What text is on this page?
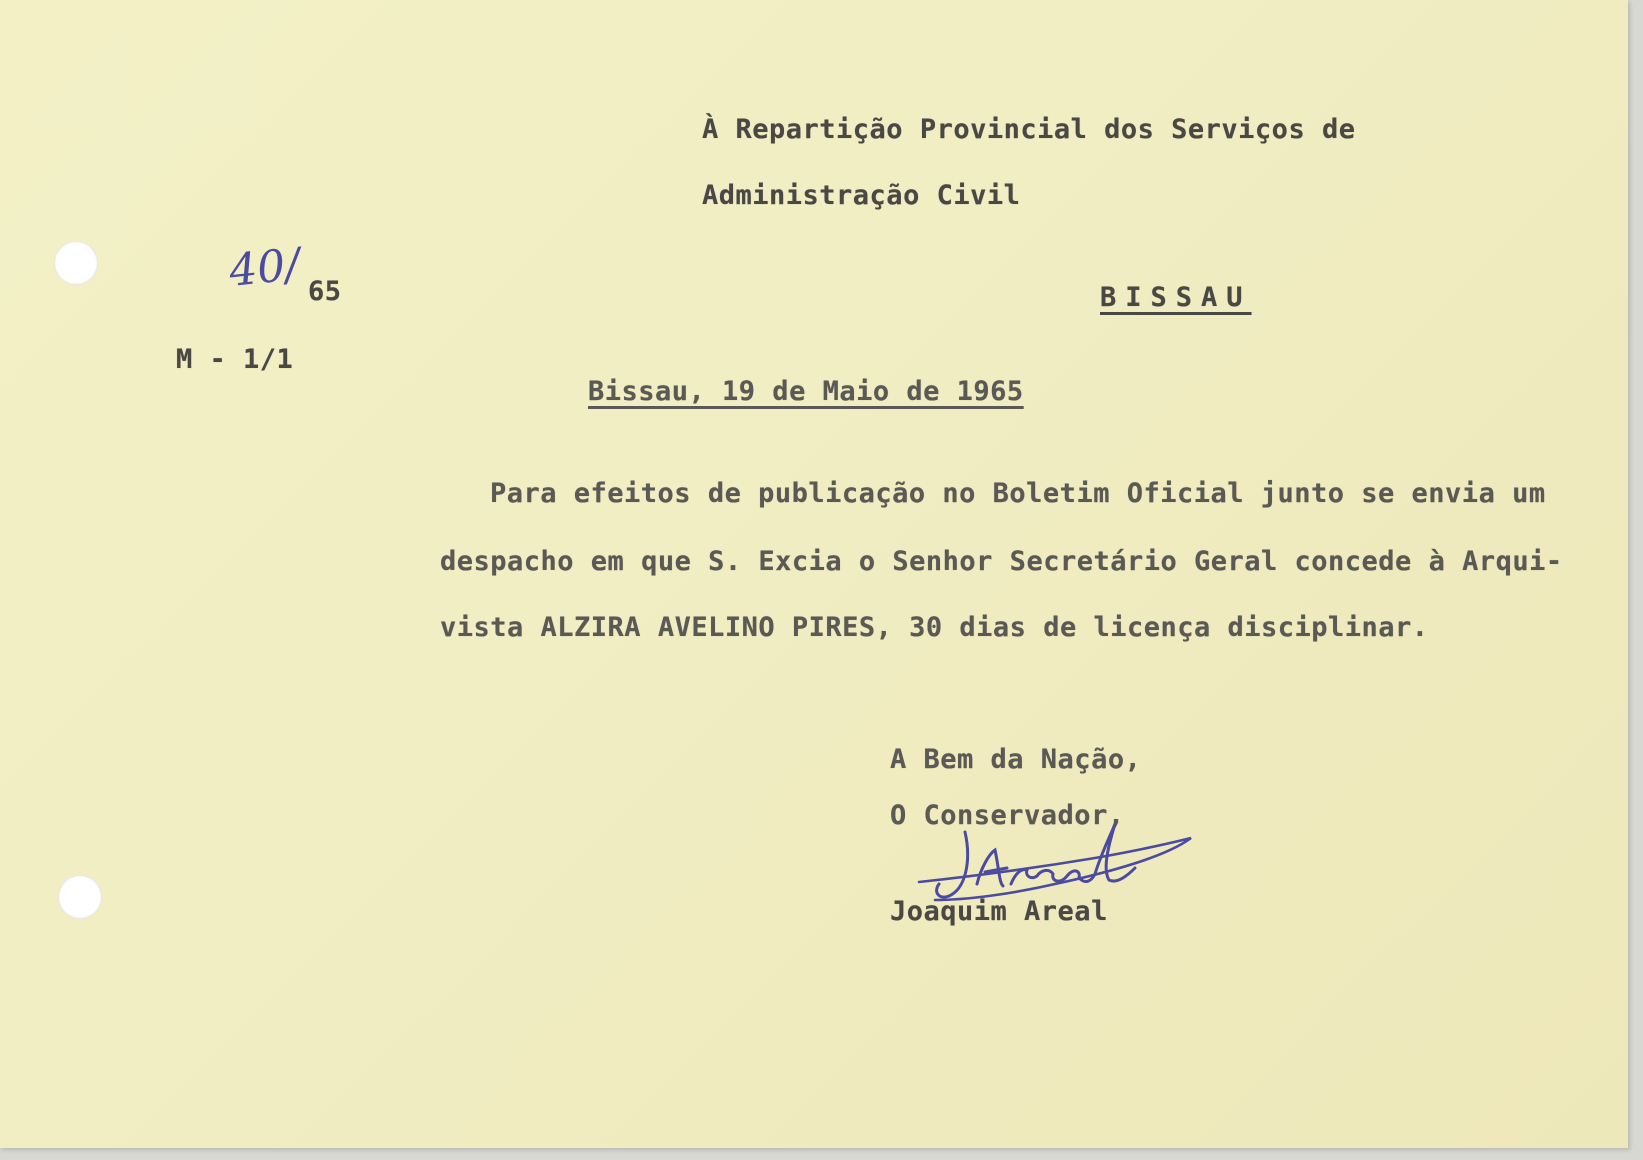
À Repartição Provincial dos Serviços de

Administração Civil

BISSAU

40/ 65

M - 1/1

Bissau, 19 de Maio de 1965

Para efeitos de publicação no Boletim Oficial junto se envia um

despacho em que S. Excia o Senhor Secretário Geral concede à Arqui-

vista ALZIRA AVELINO PIRES, 30 dias de licença disciplinar.

A Bem da Nação,

O Conservador,

Joaquim Areal
